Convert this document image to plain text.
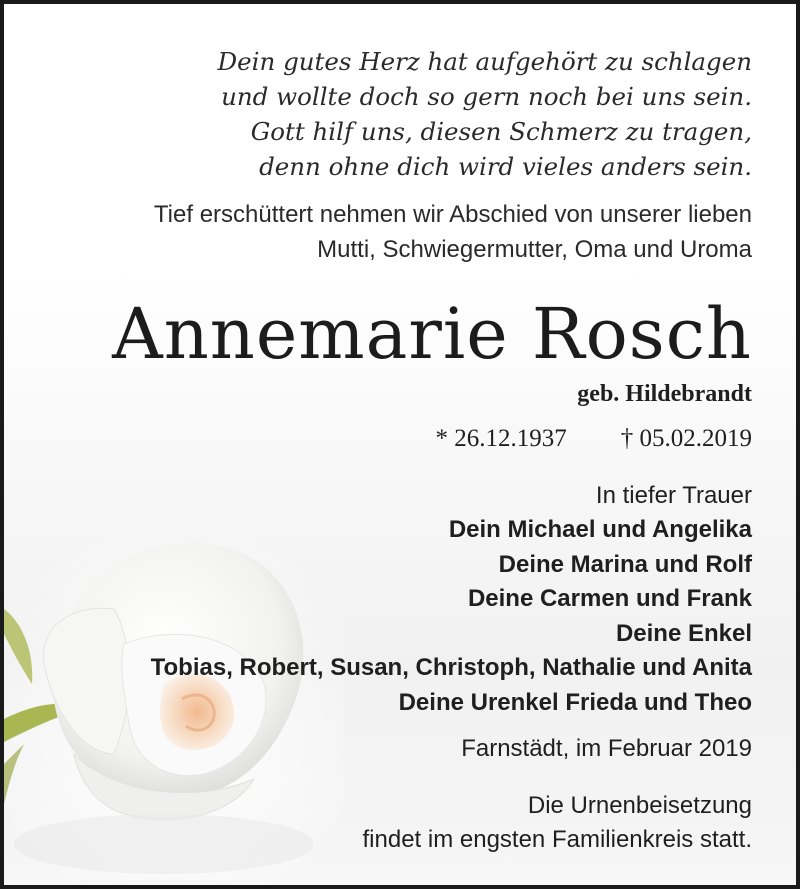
Dein gutes Herz hat aufgehört zu schlagen
und wollte doch so gern noch bei uns sein.
Gott hilf uns, diesen Schmerz zu tragen,
denn ohne dich wird vieles anders sein.
Tief erschüttert nehmen wir Abschied von unserer lieben
Mutti, Schwiegermutter, Oma und Uroma
Annemarie Rosch
geb. Hildebrandt
* 26.12.1937 † 05.02.2019
In tiefer Trauer
Dein Michael und Angelika
Deine Marina und Rolf
Deine Carmen und Frank
Deine Enkel
Tobias, Robert, Susan, Christoph, Nathalie und Anita
Deine Urenkel Frieda und Theo
Farnstädt, im Februar 2019
Die Urnenbeisetzung
findet im engsten Familienkreis statt.
